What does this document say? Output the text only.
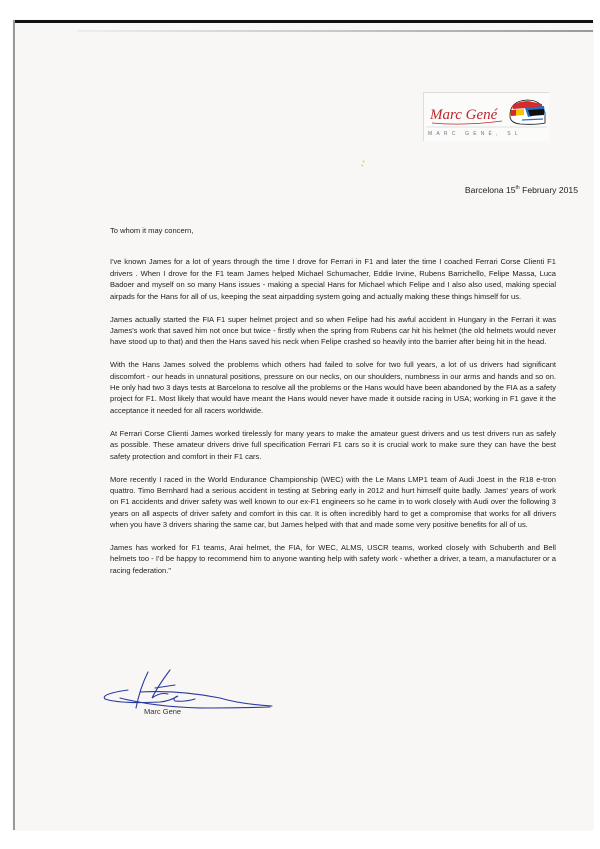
Marc Gené
MARC GENÉ, SL
Barcelona 15th February 2015

To whom it may concern,

I've known James for a lot of years through the time I drove for Ferrari in F1 and later the time I coached Ferrari Corse Clienti F1 drivers . When I drove for the F1 team James helped Michael Schumacher, Eddie Irvine, Rubens Barrichello, Felipe Massa, Luca Badoer and myself on so many Hans issues - making a special Hans for Michael which Felipe and I also also used, making special airpads for the Hans for all of us, keeping the seat airpadding system going and actually making these things himself for us.

James actually started the FIA F1 super helmet project and so when Felipe had his awful accident in Hungary in the Ferrari it was James's work that saved him not once but twice - firstly when the spring from Rubens car hit his helmet (the old helmets would never have stood up to that) and then the Hans saved his neck when Felipe crashed so heavily into the barrier after being hit in the head.

With the Hans James solved the problems which others had failed to solve for two full years, a lot of us drivers had significant discomfort - our heads in unnatural positions, pressure on our necks, on our shoulders, numbness in our arms and hands and so on. He only had two 3 days tests at Barcelona to resolve all the problems or the Hans would have been abandoned by the FIA as a safety project for F1. Most likely that would have meant the Hans would never have made it outside racing in USA; working in F1 gave it the acceptance it needed for all racers worldwide.

At Ferrari Corse Clienti James worked tirelessly for many years to make the amateur guest drivers and us test drivers run as safely as possible. These amateur drivers drive full specification Ferrari F1 cars so it is crucial work to make sure they can have the best safety protection and comfort in their F1 cars.

More recently I raced in the World Endurance Championship (WEC) with the Le Mans LMP1 team of Audi Joest in the R18 e-tron quattro. Timo Bernhard had a serious accident in testing at Sebring early in 2012 and hurt himself quite badly. James' years of work on F1 accidents and driver safety was well known to our ex-F1 engineers so he came in to work closely with Audi over the following 3 years on all aspects of driver safety and comfort in this car. It is often incredibly hard to get a compromise that works for all drivers when you have 3 drivers sharing the same car, but James helped with that and made some very positive benefits for all of us.

James has worked for F1 teams, Arai helmet, the FIA, for WEC, ALMS, USCR teams, worked closely with Schuberth and Bell helmets too - I'd be happy to recommend him to anyone wanting help with safety work - whether a driver, a team, a manufacturer or a racing federation."

Marc Gene
